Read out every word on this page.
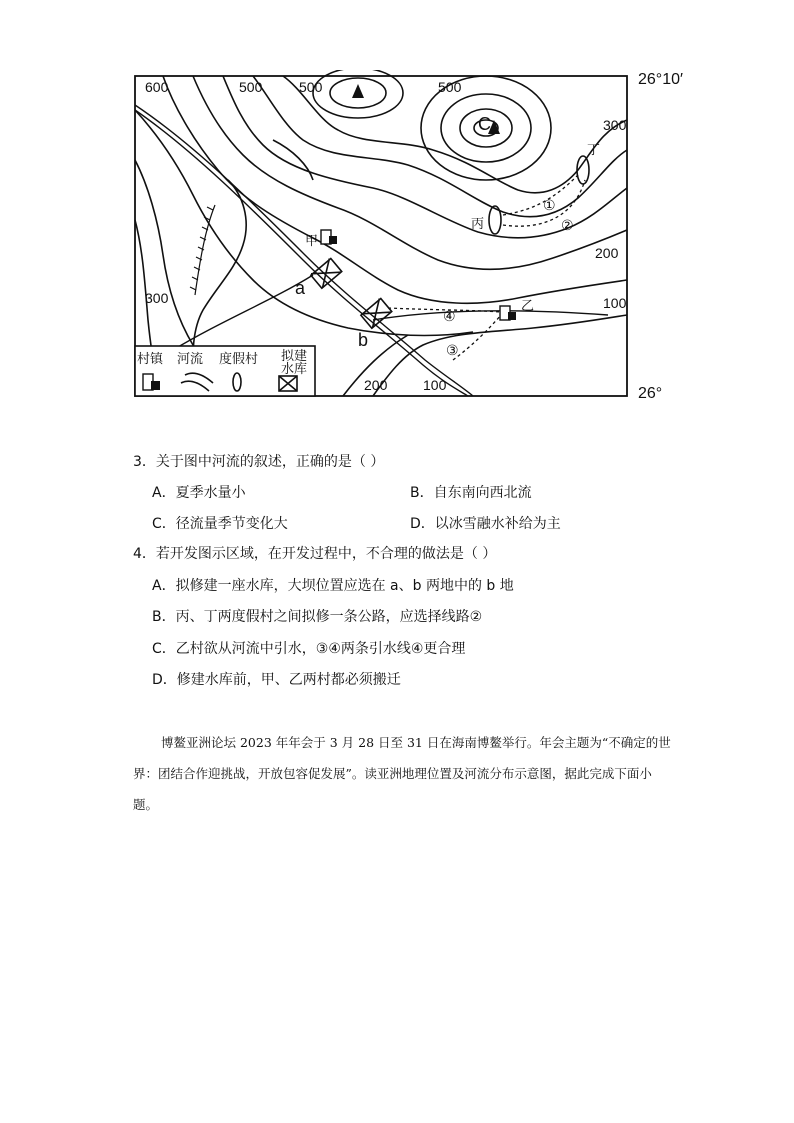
600	500	500	500
300
200
100
300
200	100
26°10′
26°
a
b
C
甲
乙
丙
丁
①
②
③
④
村镇 河流 度假村 拟建
水库
3．关于图中河流的叙述，正确的是（ ）
A．夏季水量小	B．自东南向西北流
C．径流量季节变化大	D．以冰雪融水补给为主
4．若开发图示区域，在开发过程中，不合理的做法是（ ）
A．拟修建一座水库，大坝位置应选在 a、b 两地中的 b 地
B．丙、丁两度假村之间拟修一条公路，应选择线路②
C．乙村欲从河流中引水，③④两条引水线④更合理
D．修建水库前，甲、乙两村都必须搬迁

博鳌亚洲论坛 2023 年年会于 3 月 28 日至 31 日在海南博鳌举行。年会主题为“不确定的世界：团结合作迎挑战，开放包容促发展”。读亚洲地理位置及河流分布示意图，据此完成下面小题。
